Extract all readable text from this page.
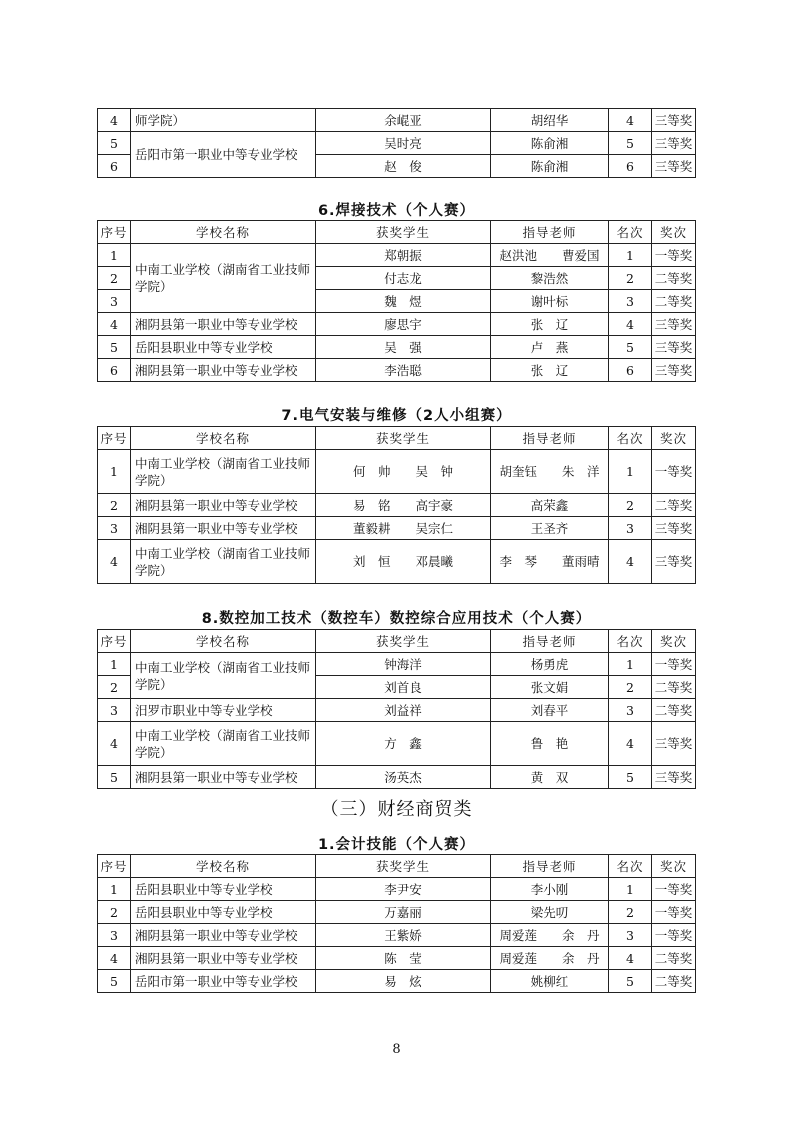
4	师学院）	余崐亚	胡绍华	4	三等奖
5	岳阳市第一职业中等专业学校	吴时亮	陈俞湘	5	三等奖
6		赵　俊	陈俞湘	6	三等奖
6.焊接技术（个人赛）
序号	学校名称	获奖学生	指导老师	名次	奖次
1	中南工业学校（湖南省工业技师学院）	郑朝振	赵洪池　　曹爱国	1	一等奖
2		付志龙	黎浩然	2	二等奖
3		魏　煜	谢叶标	3	二等奖
4	湘阴县第一职业中等专业学校	廖思宇	张　辽	4	三等奖
5	岳阳县职业中等专业学校	吴　强	卢　燕	5	三等奖
6	湘阴县第一职业中等专业学校	李浩聪	张　辽	6	三等奖
7.电气安装与维修（2人小组赛）
序号	学校名称	获奖学生	指导老师	名次	奖次
1	中南工业学校（湖南省工业技师学院）	何　帅　　吴　钟	胡奎钰　　朱　洋	1	一等奖
2	湘阴县第一职业中等专业学校	易　铭　　高宇豪	高荣鑫	2	二等奖
3	湘阴县第一职业中等专业学校	董毅耕　　吴宗仁	王圣齐	3	三等奖
4	中南工业学校（湖南省工业技师学院）	刘　恒　　邓晨曦	李　琴　　董雨晴	4	三等奖
8.数控加工技术（数控车）数控综合应用技术（个人赛）
序号	学校名称	获奖学生	指导老师	名次	奖次
1	中南工业学校（湖南省工业技师学院）	钟海洋	杨勇虎	1	一等奖
2		刘首良	张文娟	2	二等奖
3	汨罗市职业中等专业学校	刘益祥	刘春平	3	二等奖
4	中南工业学校（湖南省工业技师学院）	方　鑫	鲁　艳	4	三等奖
5	湘阴县第一职业中等专业学校	汤英杰	黄　双	5	三等奖
（三）财经商贸类
1.会计技能（个人赛）
序号	学校名称	获奖学生	指导老师	名次	奖次
1	岳阳县职业中等专业学校	李尹安	李小刚	1	一等奖
2	岳阳县职业中等专业学校	万嘉丽	梁先叨	2	一等奖
3	湘阴县第一职业中等专业学校	王紫娇	周爱莲　　余　丹	3	一等奖
4	湘阴县第一职业中等专业学校	陈　莹	周爱莲　　余　丹	4	二等奖
5	岳阳市第一职业中等专业学校	易　炫	姚柳红	5	二等奖
8
